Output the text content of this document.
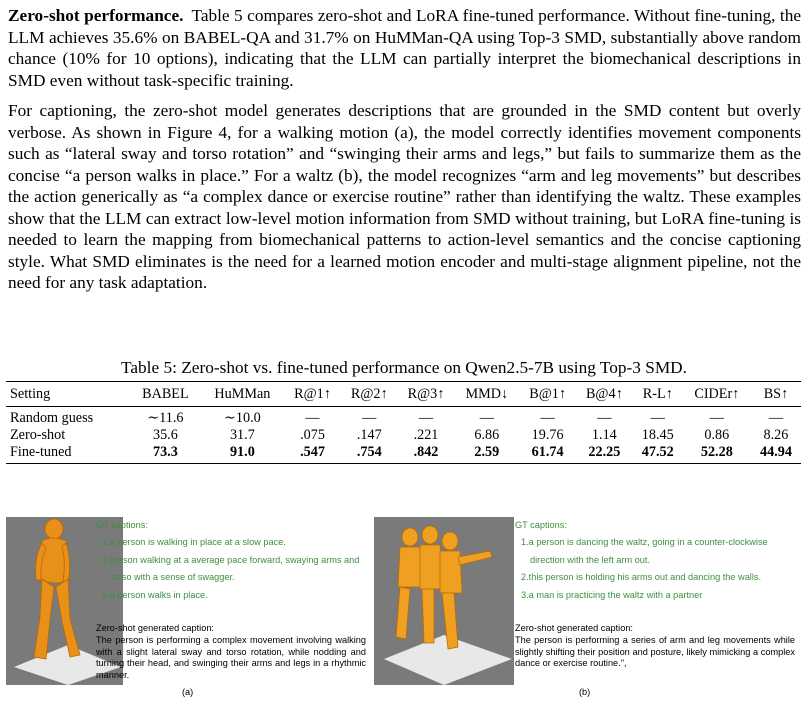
Zero-shot performance. Table 5 compares zero-shot and LoRA fine-tuned performance. Without fine-tuning, the LLM achieves 35.6% on BABEL-QA and 31.7% on HuMMan-QA using Top-3 SMD, substantially above random chance (10% for 10 options), indicating that the LLM can partially interpret the biomechanical descriptions in SMD even without task-specific training.

For captioning, the zero-shot model generates descriptions that are grounded in the SMD content but overly verbose. As shown in Figure 4, for a walking motion (a), the model correctly identifies movement components such as “lateral sway and torso rotation” and “swinging their arms and legs,” but fails to summarize them as the concise “a person walks in place.” For a waltz (b), the model recognizes “arm and leg movements” but describes the action generically as “a complex dance or exercise routine” rather than identifying the waltz. These examples show that the LLM can extract low-level motion information from SMD without training, but LoRA fine-tuning is needed to learn the mapping from biomechanical patterns to action-level semantics and the concise captioning style. What SMD eliminates is the need for a learned motion encoder and multi-stage alignment pipeline, not the need for any task adaptation.

Table 5: Zero-shot vs. fine-tuned performance on Qwen2.5-7B using Top-3 SMD.
Setting	BABEL	HuMMan	R@1↑	R@2↑	R@3↑	MMD↓	B@1↑	B@4↑	R-L↑	CIDEr↑	BS↑
Random guess	∼11.6	∼10.0	—	—	—	—	—	—	—	—	—
Zero-shot	35.6	31.7	.075	.147	.221	6.86	19.76	1.14	18.45	0.86	8.26
Fine-tuned	73.3	91.0	.547	.754	.842	2.59	61.74	22.25	47.52	52.28	44.94
GT captions:
1.a person is walking in place at a slow pace.
2.person walking at a average pace forward, swaying arms and
torso with a sense of swagger.
3.a person walks in place.
Zero-shot generated caption:
The person is performing a complex movement involving walking with a slight lateral sway and torso rotation, while nodding and turning their head, and swinging their arms and legs in a rhythmic manner.
(a)
GT captions:
1.a person is dancing the waltz, going in a counter-clockwise
direction with the left arm out.
2.this person is holding his arms out and dancing the walls.
3.a man is practicing the waltz with a partner
Zero-shot generated caption:
The person is performing a series of arm and leg movements while slightly shifting their position and posture, likely mimicking a complex dance or exercise routine.",
(b)
